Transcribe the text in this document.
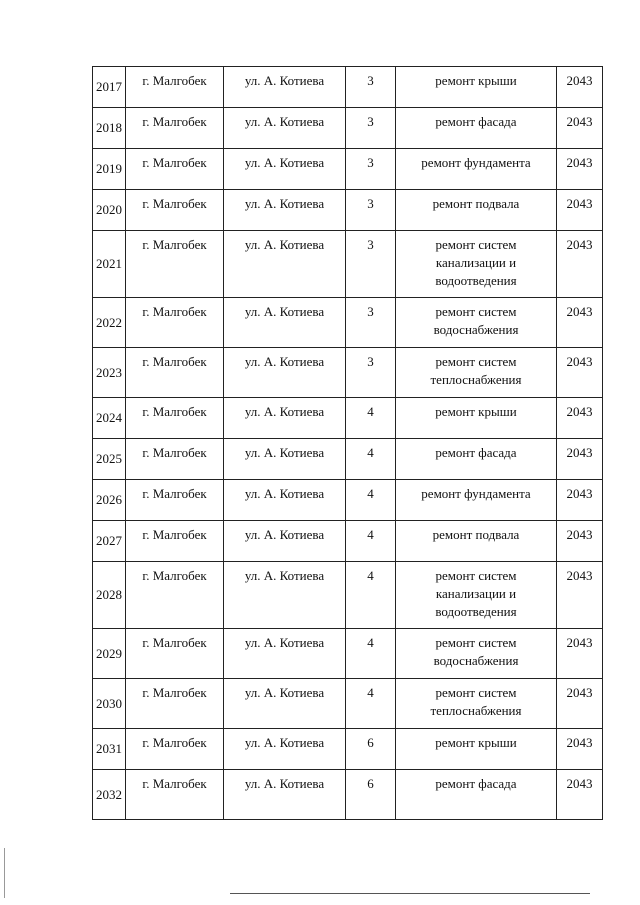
2017	г. Малгобек	ул. А. Котиева	3	ремонт крыши	2043
2018	г. Малгобек	ул. А. Котиева	3	ремонт фасада	2043
2019	г. Малгобек	ул. А. Котиева	3	ремонт фундамента	2043
2020	г. Малгобек	ул. А. Котиева	3	ремонт подвала	2043
2021	г. Малгобек	ул. А. Котиева	3	ремонт систем канализации и водоотведения	2043
2022	г. Малгобек	ул. А. Котиева	3	ремонт систем водоснабжения	2043
2023	г. Малгобек	ул. А. Котиева	3	ремонт систем теплоснабжения	2043
2024	г. Малгобек	ул. А. Котиева	4	ремонт крыши	2043
2025	г. Малгобек	ул. А. Котиева	4	ремонт фасада	2043
2026	г. Малгобек	ул. А. Котиева	4	ремонт фундамента	2043
2027	г. Малгобек	ул. А. Котиева	4	ремонт подвала	2043
2028	г. Малгобек	ул. А. Котиева	4	ремонт систем канализации и водоотведения	2043
2029	г. Малгобек	ул. А. Котиева	4	ремонт систем водоснабжения	2043
2030	г. Малгобек	ул. А. Котиева	4	ремонт систем теплоснабжения	2043
2031	г. Малгобек	ул. А. Котиева	6	ремонт крыши	2043
2032	г. Малгобек	ул. А. Котиева	6	ремонт фасада	2043
